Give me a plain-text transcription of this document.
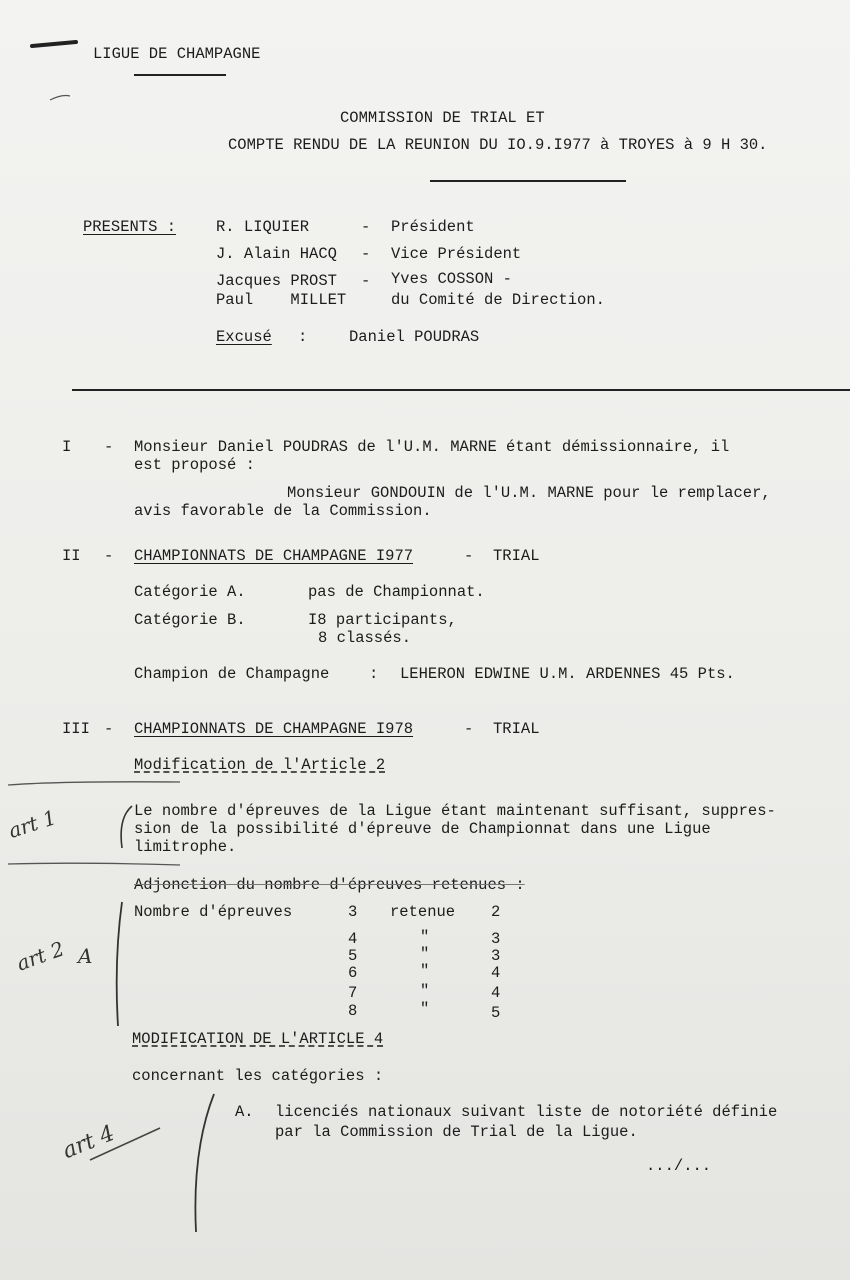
LIGUE DE CHAMPAGNE
COMMISSION DE TRIAL ET
COMPTE RENDU DE LA REUNION DU IO.9.I977 à TROYES à 9 H 30.
PRESENTS :	R. LIQUIER	- Président
J. Alain HACQ - Vice Président
Jacques PROST - Yves COSSON -
Paul    MILLET	du Comité de Direction.
Excusé :	Daniel POUDRAS
I - Monsieur Daniel POUDRAS de l'U.M. MARNE étant démissionnaire, il
est proposé :
Monsieur GONDOUIN de l'U.M. MARNE pour le remplacer,
avis favorable de la Commission.
II - CHAMPIONNATS DE CHAMPAGNE I977	- TRIAL
Catégorie A.	pas de Championnat.
Catégorie B.	I8 participants,
8 classés.
Champion de Champagne	: LEHERON EDWINE U.M. ARDENNES 45 Pts.
III - CHAMPIONNATS DE CHAMPAGNE I978	- TRIAL
Modification de l'Article 2
Le nombre d'épreuves de la Ligue étant maintenant suffisant, suppres-
sion de la possibilité d'épreuve de Championnat dans une Ligue
limitrophe.
Adjonction du nombre d'épreuves retenues :
Nombre d'épreuves	3 retenue 2
4	"	3
5	"	3
6	"	4
7	"	4
8	"	5
MODIFICATION DE L'ARTICLE 4
concernant les catégories :
A. licenciés nationaux suivant liste de notoriété définie
par la Commission de Trial de la Ligue.
.../...
art 1
art 2 A
art 4
